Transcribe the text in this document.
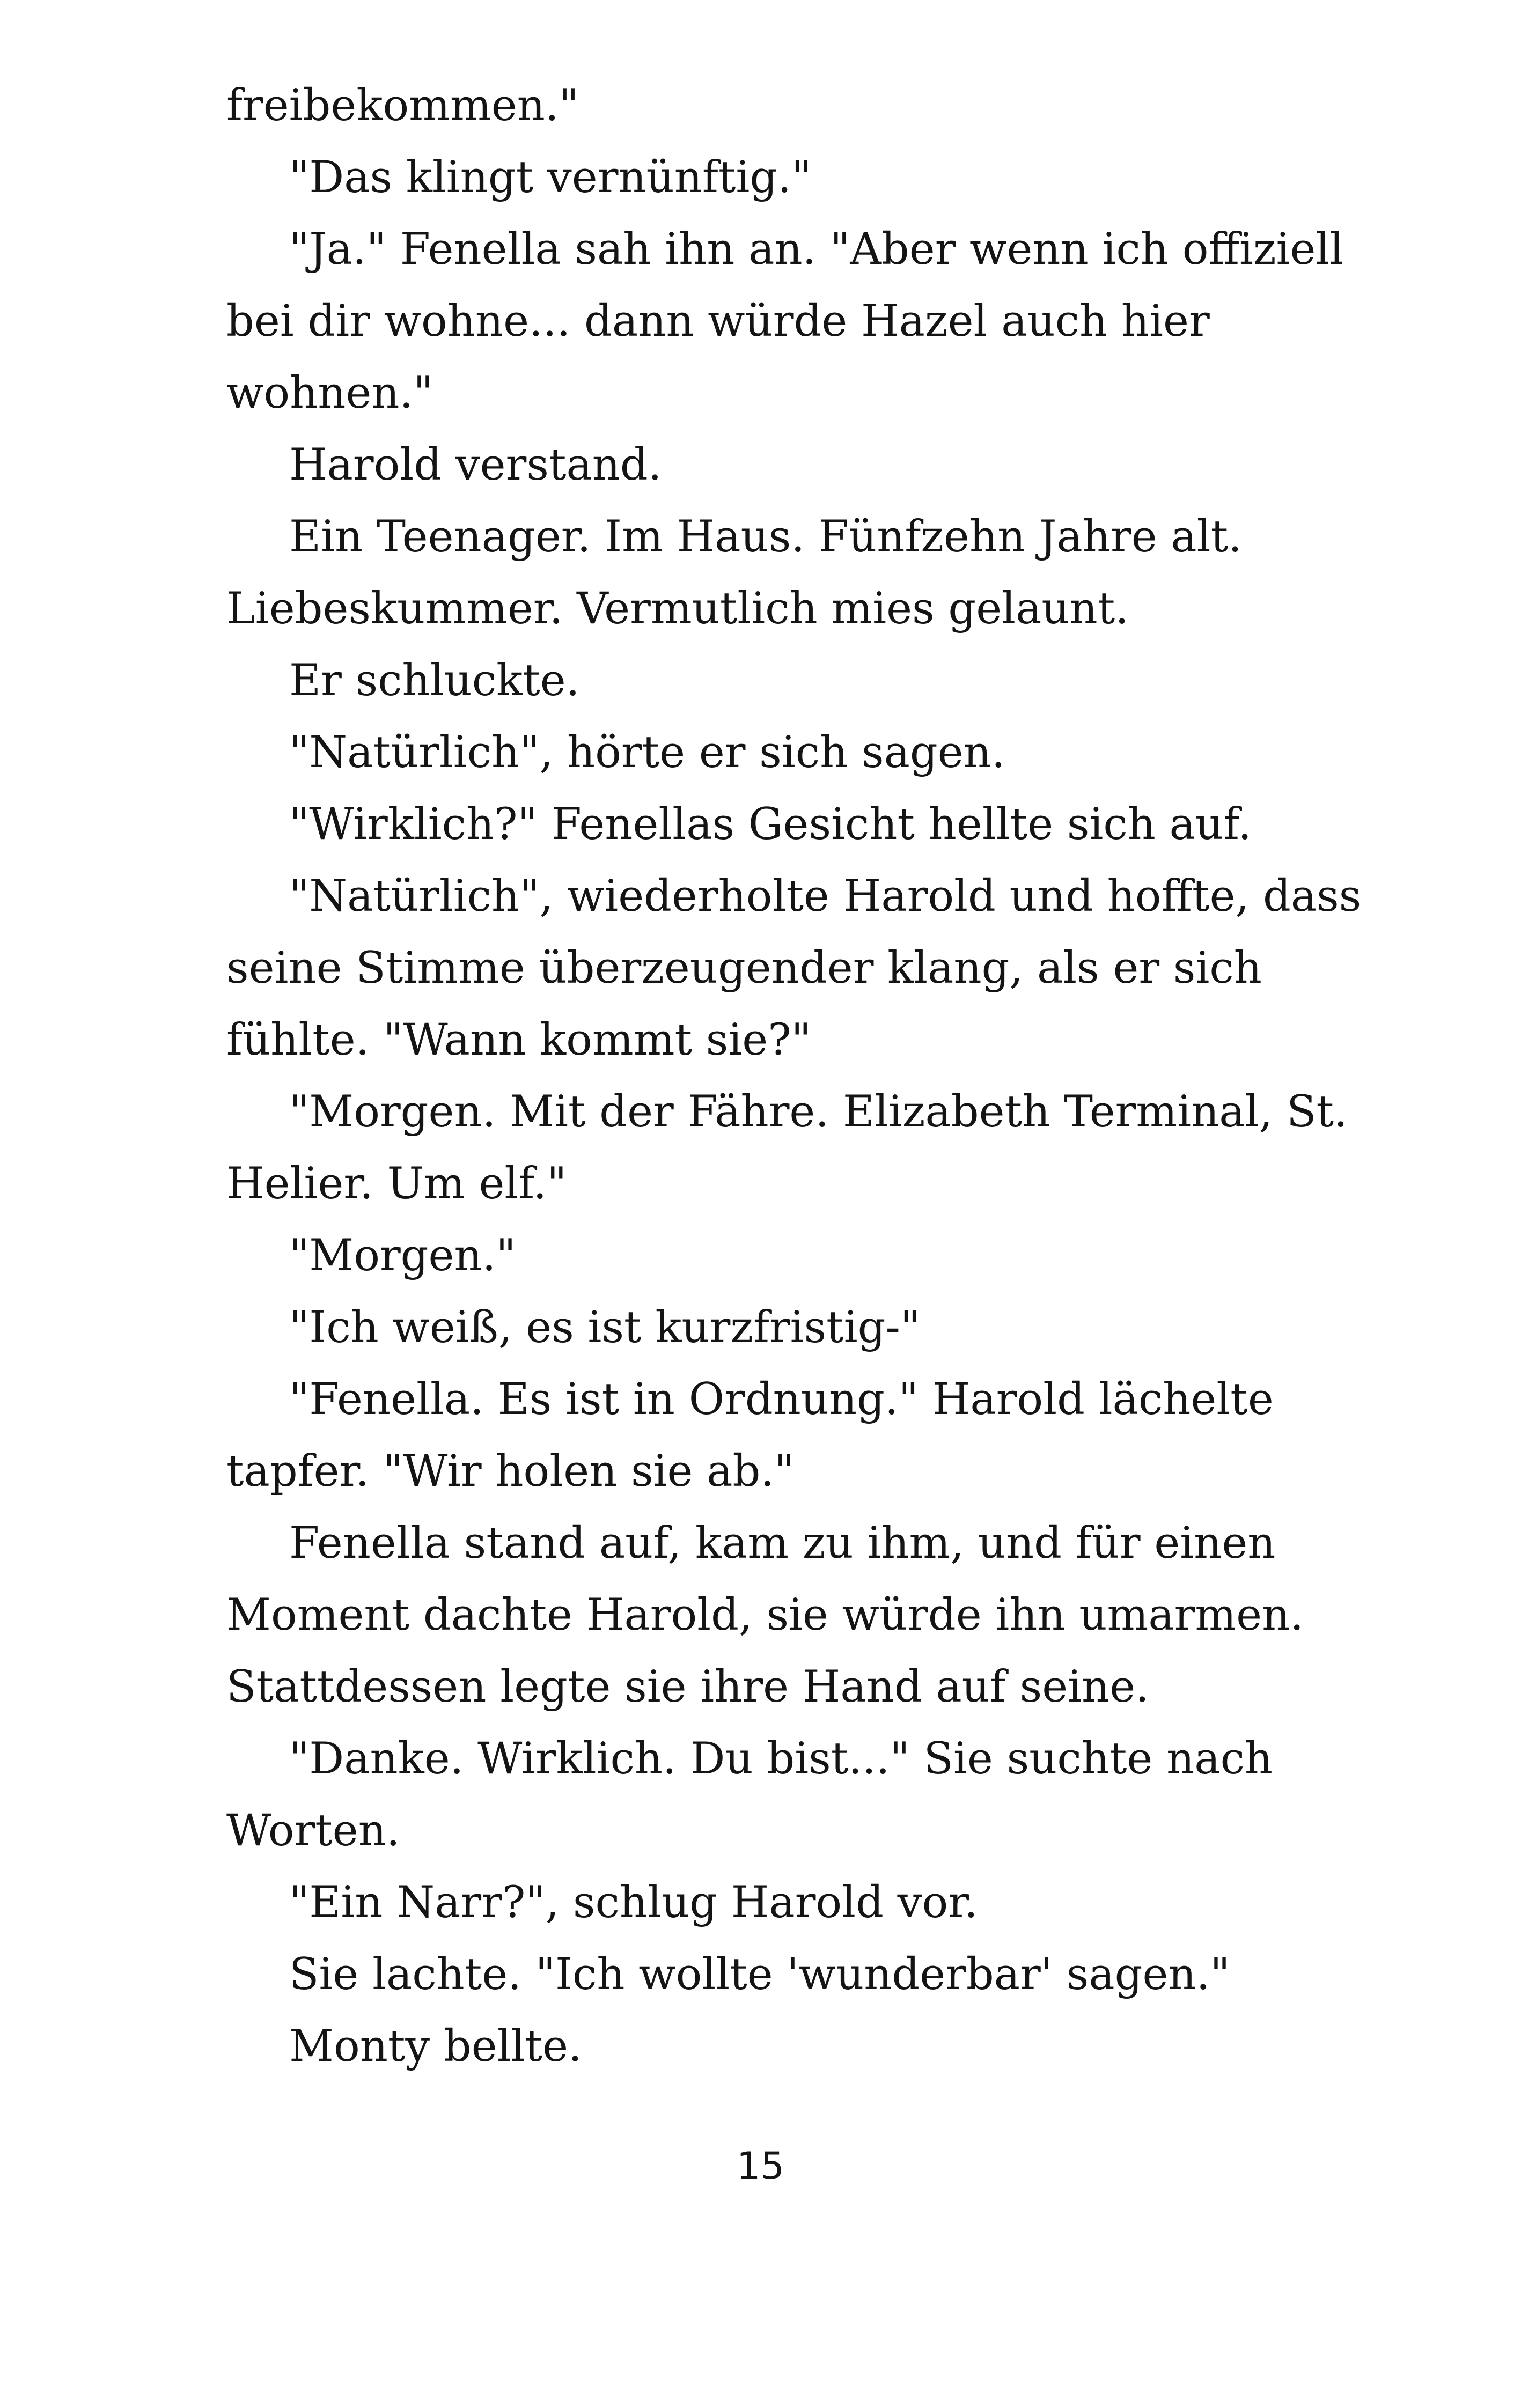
freibekommen."
"Das klingt vernünftig."
"Ja." Fenella sah ihn an. "Aber wenn ich offiziell
bei dir wohne... dann würde Hazel auch hier
wohnen."
Harold verstand.
Ein Teenager. Im Haus. Fünfzehn Jahre alt.
Liebeskummer. Vermutlich mies gelaunt.
Er schluckte.
"Natürlich", hörte er sich sagen.
"Wirklich?" Fenellas Gesicht hellte sich auf.
"Natürlich", wiederholte Harold und hoffte, dass
seine Stimme überzeugender klang, als er sich
fühlte. "Wann kommt sie?"
"Morgen. Mit der Fähre. Elizabeth Terminal, St.
Helier. Um elf."
"Morgen."
"Ich weiß, es ist kurzfristig-"
"Fenella. Es ist in Ordnung." Harold lächelte
tapfer. "Wir holen sie ab."
Fenella stand auf, kam zu ihm, und für einen
Moment dachte Harold, sie würde ihn umarmen.
Stattdessen legte sie ihre Hand auf seine.
"Danke. Wirklich. Du bist..." Sie suchte nach
Worten.
"Ein Narr?", schlug Harold vor.
Sie lachte. "Ich wollte 'wunderbar' sagen."
Monty bellte.
15
